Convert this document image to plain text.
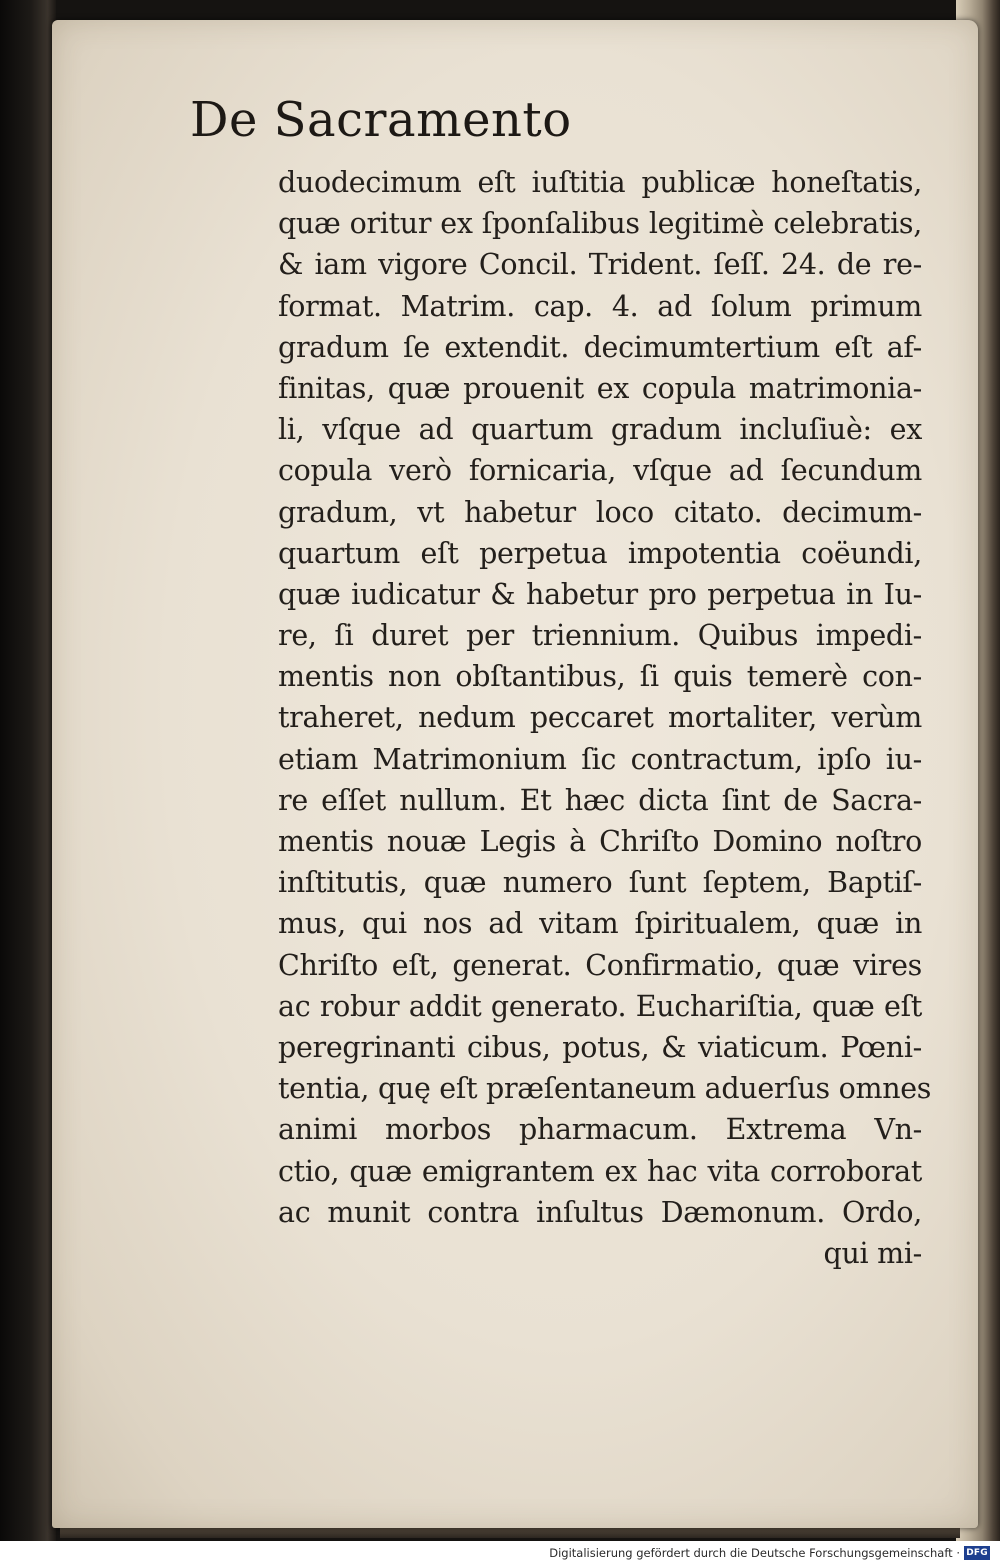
De Sacramento
duodecimum eſt iuſtitia publicæ honeſtatis,
quæ oritur ex ſponſalibus legitimè celebratis,
& iam vigore Concil. Trident. ſeſſ. 24. de re-
format. Matrim. cap. 4. ad ſolum primum
gradum ſe extendit. decimumtertium eſt af-
finitas, quæ prouenit ex copula matrimonia-
li, vſque ad quartum gradum incluſiuè: ex
copula verò fornicaria, vſque ad ſecundum
gradum, vt habetur loco citato. decimum-
quartum eſt perpetua impotentia coëundi,
quæ iudicatur & habetur pro perpetua in Iu-
re, ſi duret per triennium. Quibus impedi-
mentis non obſtantibus, ſi quis temerè con-
traheret, nedum peccaret mortaliter, verùm
etiam Matrimonium ſic contractum, ipſo iu-
re eſſet nullum. Et hæc dicta ſint de Sacra-
mentis nouæ Legis à Chriſto Domino noſtro
inſtitutis, quæ numero ſunt ſeptem, Baptiſ-
mus, qui nos ad vitam ſpiritualem, quæ in
Chriſto eſt, generat. Confirmatio, quæ vires
ac robur addit generato. Euchariſtia, quæ eſt
peregrinanti cibus, potus, & viaticum. Pœni-
tentia, quę eſt præſentaneum aduerſus omnes
animi morbos pharmacum. Extrema Vn-
ctio, quæ emigrantem ex hac vita corroborat
ac munit contra inſultus Dæmonum. Ordo,
qui mi-
Digitalisierung gefördert durch die Deutsche Forschungsgemeinschaft · DFG
